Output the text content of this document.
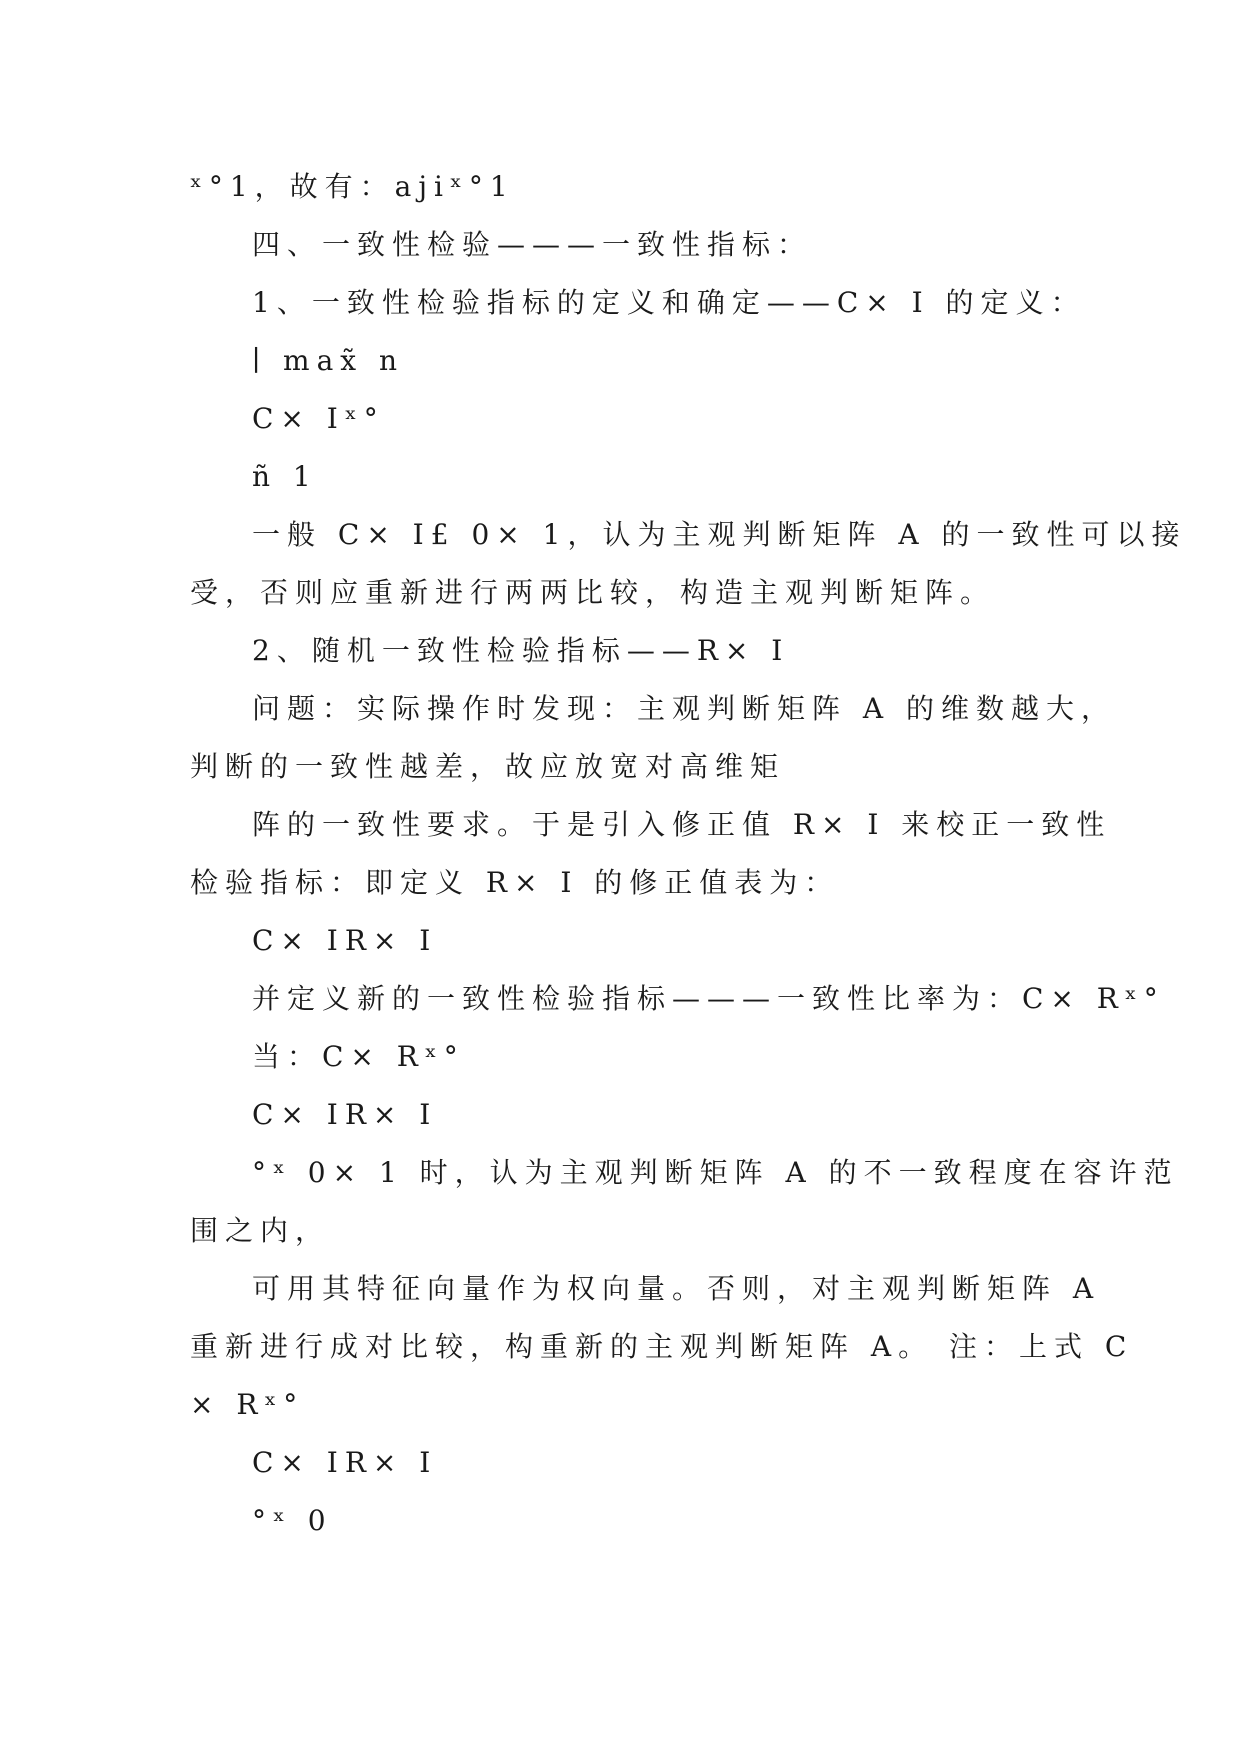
ˣ°1，故有：ajiˣ°1
四、一致性检验———一致性指标：
1、一致性检验指标的定义和确定——C× I 的定义：
∣ max̃ n
C× Iˣ°
ñ 1
一般 C× I£ 0× 1，认为主观判断矩阵 A 的一致性可以接
受，否则应重新进行两两比较，构造主观判断矩阵。
2、随机一致性检验指标——R× I
问题：实际操作时发现：主观判断矩阵 A 的维数越大，
判断的一致性越差，故应放宽对高维矩
阵的一致性要求。于是引入修正值 R× I 来校正一致性
检验指标：即定义 R× I 的修正值表为：
C× IR× I
并定义新的一致性检验指标———一致性比率为：C× Rˣ°
当：C× Rˣ°
C× IR× I
°ˣ 0× 1 时，认为主观判断矩阵 A 的不一致程度在容许范
围之内，
可用其特征向量作为权向量。否则，对主观判断矩阵 A
重新进行成对比较，构重新的主观判断矩阵 A。 注：上式 C
× Rˣ°
C× IR× I
°ˣ 0
